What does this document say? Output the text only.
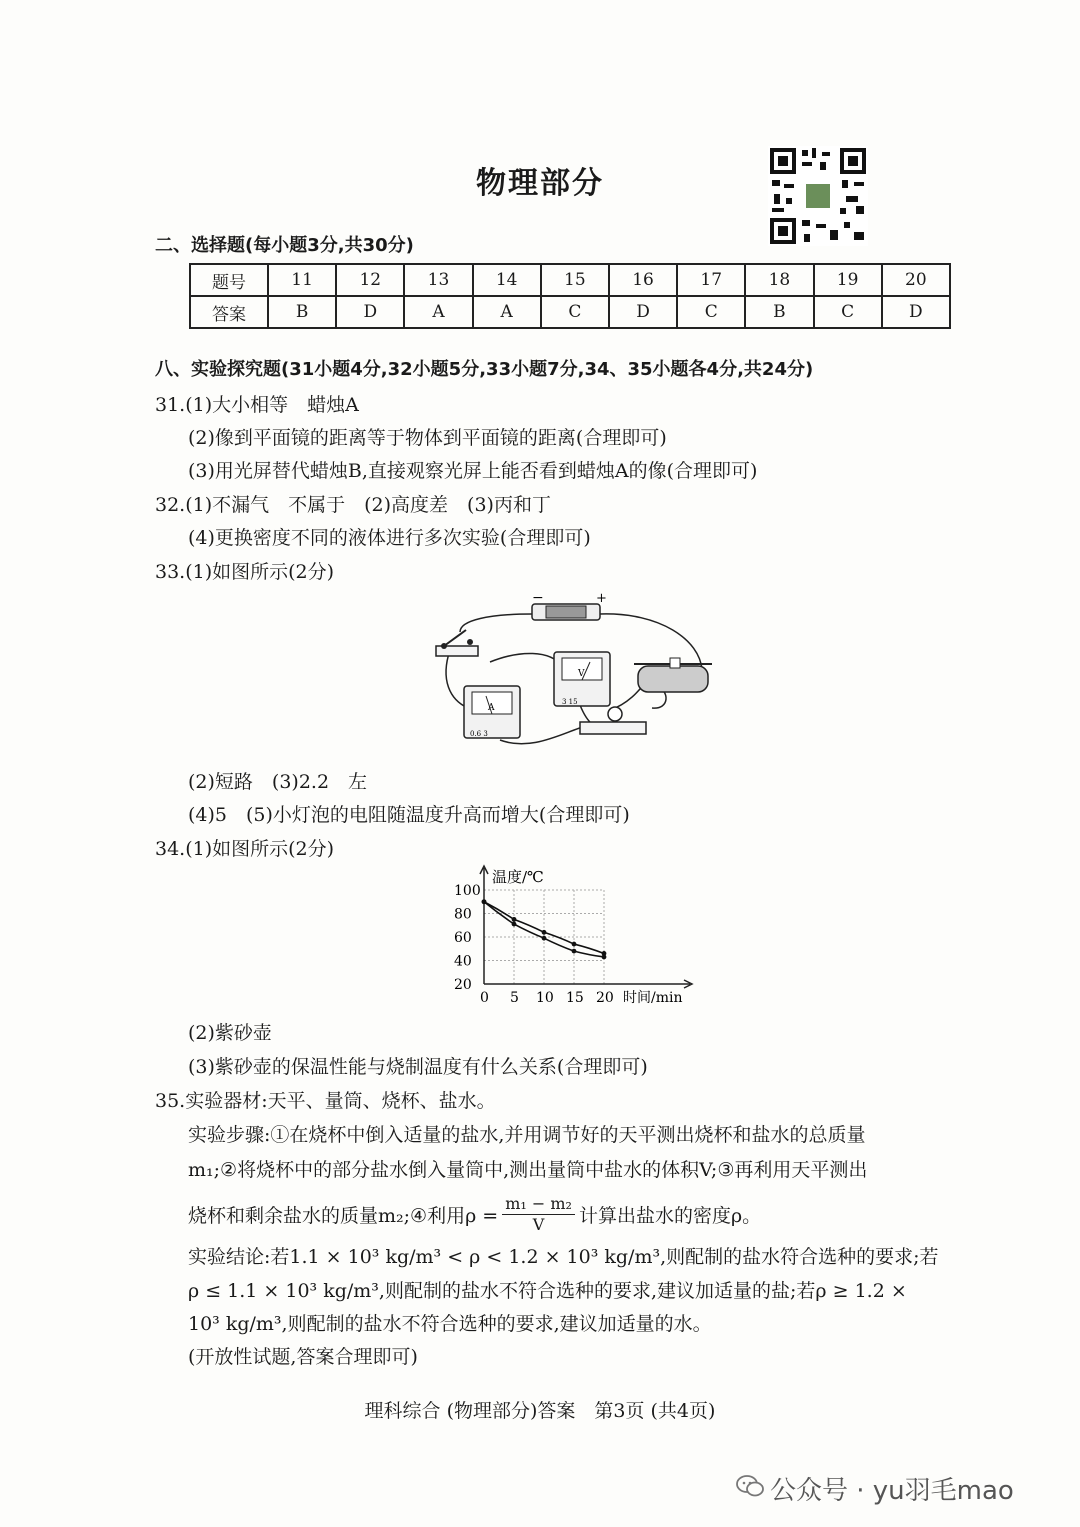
物理部分
二、选择题(每小题3分,共30分)
题号	11	12	13	14	15	16	17	18	19	20
答案	B	D	A	A	C	D	C	B	C	D
八、实验探究题(31小题4分,32小题5分,33小题7分,34、35小题各4分,共24分)
31.(1)大小相等　蜡烛A
(2)像到平面镜的距离等于物体到平面镜的距离(合理即可)
(3)用光屏替代蜡烛B,直接观察光屏上能否看到蜡烛A的像(合理即可)
32.(1)不漏气　不属于　(2)高度差　(3)丙和丁
(4)更换密度不同的液体进行多次实验(合理即可)
33.(1)如图所示(2分)
−	+
A
0.6 3
V
3 15
(2)短路　(3)2.2　左
(4)5　(5)小灯泡的电阻随温度升高而增大(合理即可)
34.(1)如图所示(2分)
100
80
60
40
20
0 5 10 15 20
温度/℃
时间/min
(2)紫砂壶
(3)紫砂壶的保温性能与烧制温度有什么关系(合理即可)
35.实验器材:天平、量筒、烧杯、盐水。
实验步骤:①在烧杯中倒入适量的盐水,并用调节好的天平测出烧杯和盐水的总质量
m₁;②将烧杯中的部分盐水倒入量筒中,测出量筒中盐水的体积V;③再利用天平测出
烧杯和剩余盐水的质量m₂;④利用$\rho = \frac{\text{m₁ − m₂}}{V}$ 计算出盐水的密度ρ。
实验结论:若1.1 × 10³ kg/m³ < ρ < 1.2 × 10³ kg/m³,则配制的盐水符合选种的要求;若
ρ ≤ 1.1 × 10³ kg/m³,则配制的盐水不符合选种的要求,建议加适量的盐;若ρ ≥ 1.2 ×
10³ kg/m³,则配制的盐水不符合选种的要求,建议加适量的水。
(开放性试题,答案合理即可)
理科综合 (物理部分)答案　第3页 (共4页)
公众号 · yu羽毛mao
